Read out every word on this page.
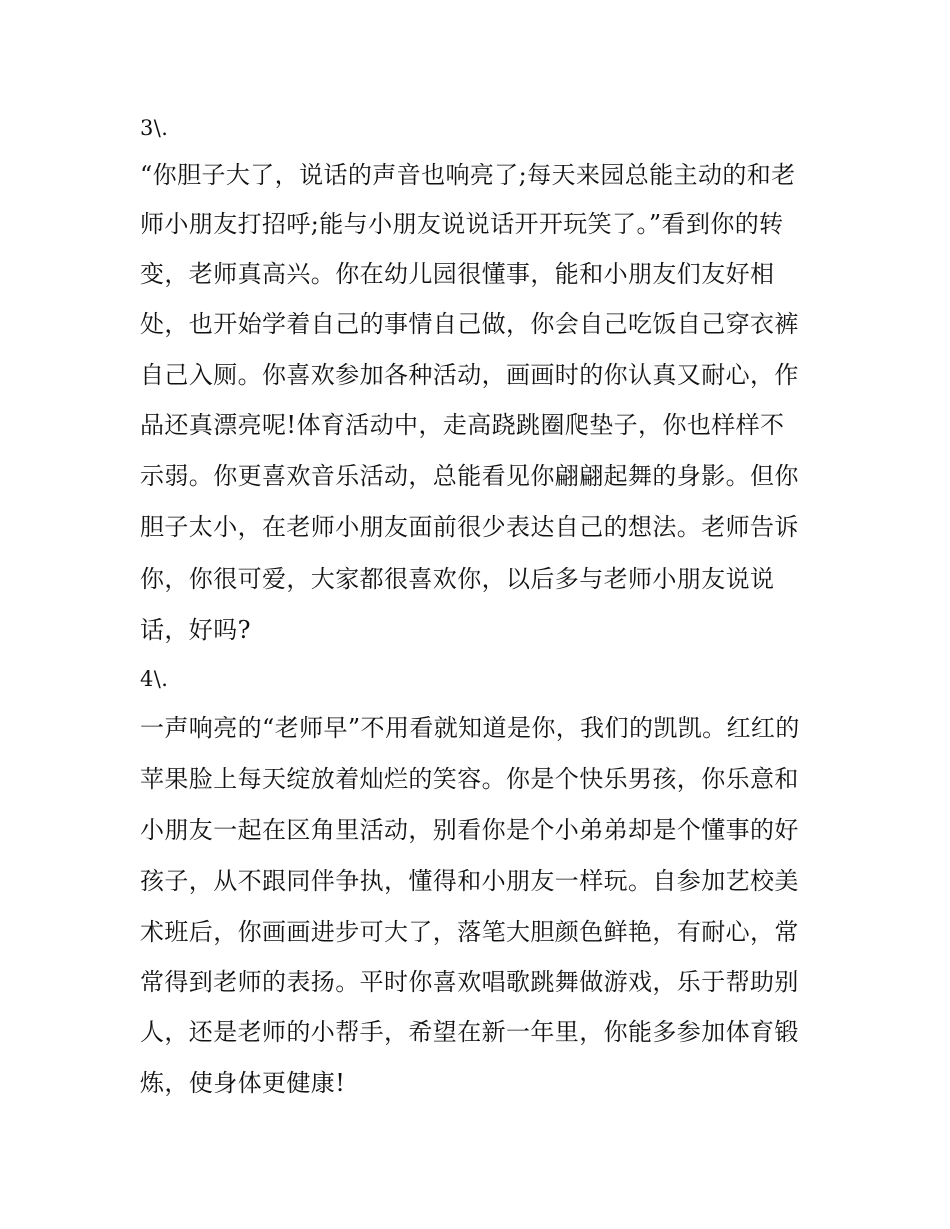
3\.
“你胆子大了，说话的声音也响亮了;每天来园总能主动的和老
师小朋友打招呼;能与小朋友说说话开开玩笑了。”看到你的转
变，老师真高兴。你在幼儿园很懂事，能和小朋友们友好相
处，也开始学着自己的事情自己做，你会自己吃饭自己穿衣裤
自己入厕。你喜欢参加各种活动，画画时的你认真又耐心，作
品还真漂亮呢!体育活动中，走高跷跳圈爬垫子，你也样样不
示弱。你更喜欢音乐活动，总能看见你翩翩起舞的身影。但你
胆子太小，在老师小朋友面前很少表达自己的想法。老师告诉
你，你很可爱，大家都很喜欢你，以后多与老师小朋友说说
话，好吗?
4\.
一声响亮的“老师早”不用看就知道是你，我们的凯凯。红红的
苹果脸上每天绽放着灿烂的笑容。你是个快乐男孩，你乐意和
小朋友一起在区角里活动，别看你是个小弟弟却是个懂事的好
孩子，从不跟同伴争执，懂得和小朋友一样玩。自参加艺校美
术班后，你画画进步可大了，落笔大胆颜色鲜艳，有耐心，常
常得到老师的表扬。平时你喜欢唱歌跳舞做游戏，乐于帮助别
人，还是老师的小帮手，希望在新一年里，你能多参加体育锻
炼，使身体更健康!
